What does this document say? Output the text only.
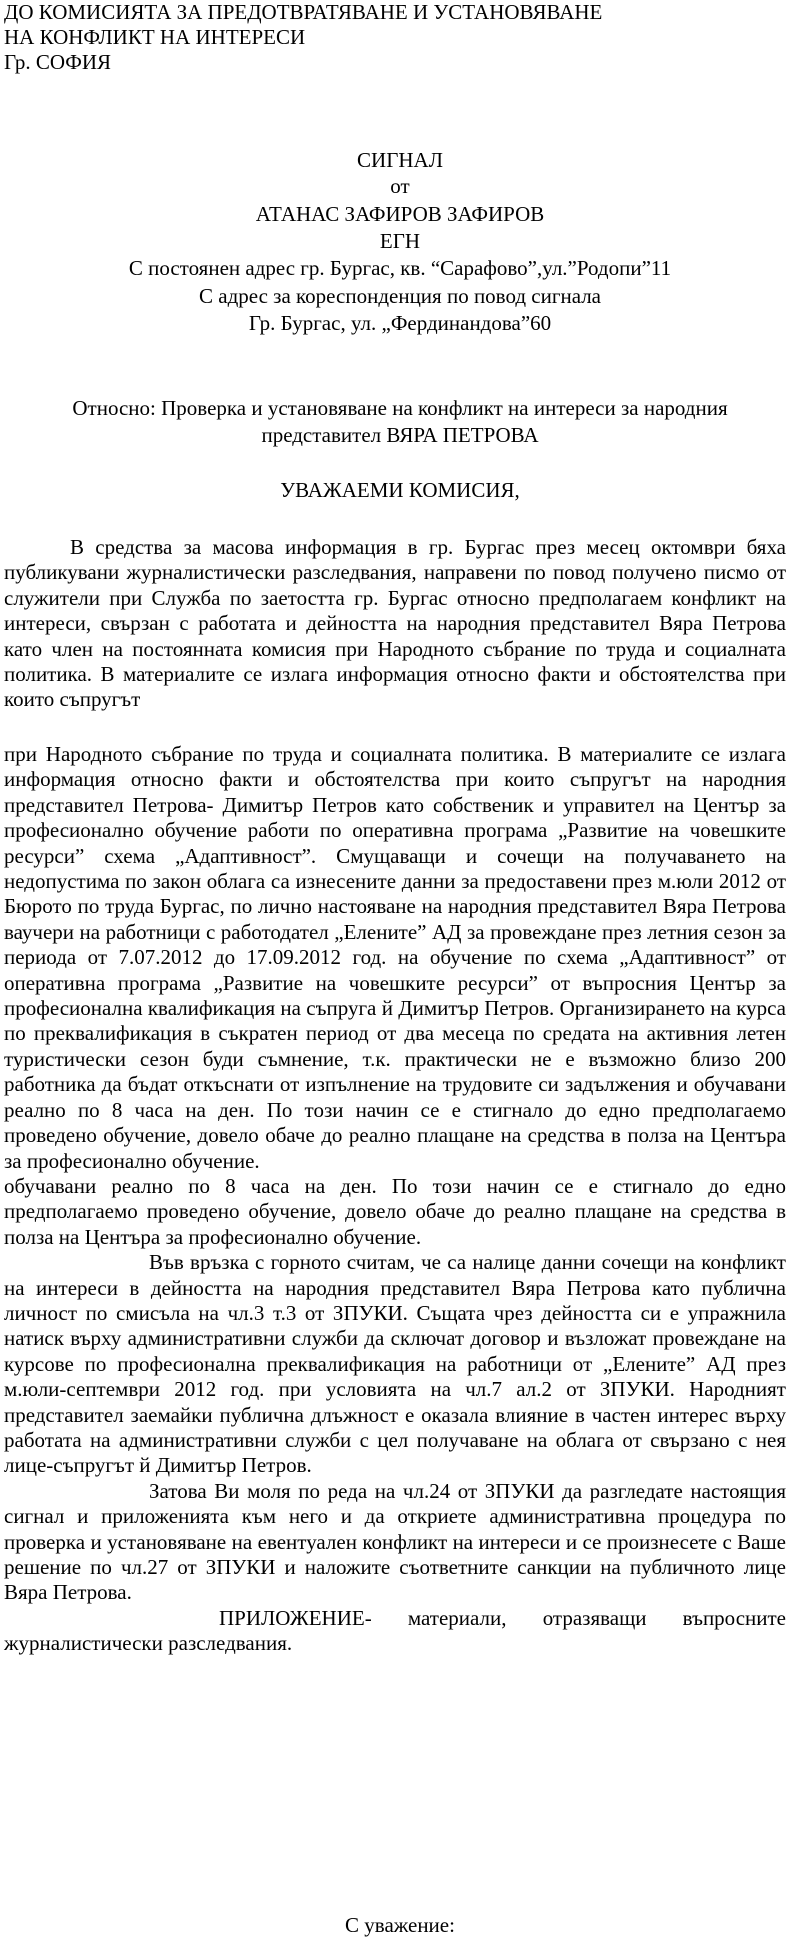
ДО КОМИСИЯТА ЗА ПРЕДОТВРАТЯВАНЕ И УСТАНОВЯВАНЕ
НА КОНФЛИКТ НА ИНТЕРЕСИ
Гр. СОФИЯ
СИГНАЛ
от
АТАНАС ЗАФИРОВ ЗАФИРОВ
ЕГН
С постоянен адрес гр. Бургас, кв. “Сарафово”,ул.”Родопи”11
С адрес за кореспонденция по повод сигнала
Гр. Бургас, ул. „Фердинандова”60
Относно: Проверка и установяване на конфликт на интереси за народния
представител ВЯРА ПЕТРОВА
УВАЖАЕМИ КОМИСИЯ,

В средства за масова информация в гр. Бургас през месец октомври бяха публикувани журналистически разследвания, направени по повод получено писмо от служители при Служба по заетостта гр. Бургас относно предполагаем конфликт на интереси, свързан с работата и дейността на народния представител Вяра Петрова като член на постоянната комисия при Народното събрание по труда и социалната политика. В материалите се излага информация относно факти и обстоятелства при които съпругът

при Народното събрание по труда и социалната политика. В материалите се излага информация относно факти и обстоятелства при които съпругът на народния представител Петрова- Димитър Петров като собственик и управител на Център за професионално обучение работи по оперативна програма „Развитие на човешките ресурси” схема „Адаптивност”. Смущаващи и сочещи на получаването на недопустима по закон облага са изнесените данни за предоставени през м.юли 2012 от Бюрото по труда Бургас, по лично настояване на народния представител Вяра Петрова ваучери на работници с работодател „Елените” АД за провеждане през летния сезон за периода от 7.07.2012 до 17.09.2012 год. на обучение по схема „Адаптивност” от оперативна програма „Развитие на човешките ресурси” от въпросния Център за професионална квалификация на съпруга й Димитър Петров. Организирането на курса по преквалификация в съкратен период от два месеца по средата на активния летен туристически сезон буди съмнение, т.к. практически не е възможно близо 200 работника да бъдат откъснати от изпълнение на трудовите си задължения и обучавани реално по 8 часа на ден. По този начин се е стигнало до едно предполагаемо проведено обучение, довело обаче до реално плащане на средства в полза на Центъра за професионално обучение.

обучавани реално по 8 часа на ден. По този начин се е стигнало до едно предполагаемо проведено обучение, довело обаче до реално плащане на средства в полза на Центъра за професионално обучение.

Във връзка с горното считам, че са налице данни сочещи на конфликт на интереси в дейността на народния представител Вяра Петрова като публична личност по смисъла на чл.3 т.3 от ЗПУКИ. Същата чрез дейността си е упражнила натиск върху административни служби да сключат договор и възложат провеждане на курсове по професионална преквалификация на работници от „Елените” АД през м.юли-септември 2012 год. при условията на чл.7 ал.2 от ЗПУКИ. Народният представител заемайки публична длъжност е оказала влияние в частен интерес върху работата на административни служби с цел получаване на облага от свързано с нея лице-съпругът й Димитър Петров.

Затова Ви моля по реда на чл.24 от ЗПУКИ да разгледате настоящия сигнал и приложенията към него и да откриете административна процедура по проверка и установяване на евентуален конфликт на интереси и се произнесете с Ваше решение по чл.27 от ЗПУКИ и наложите съответните санкции на публичното лице Вяра Петрова.

ПРИЛОЖЕНИЕ- материали, отразяващи въпросните журналистически разследвания.

С уважение:
